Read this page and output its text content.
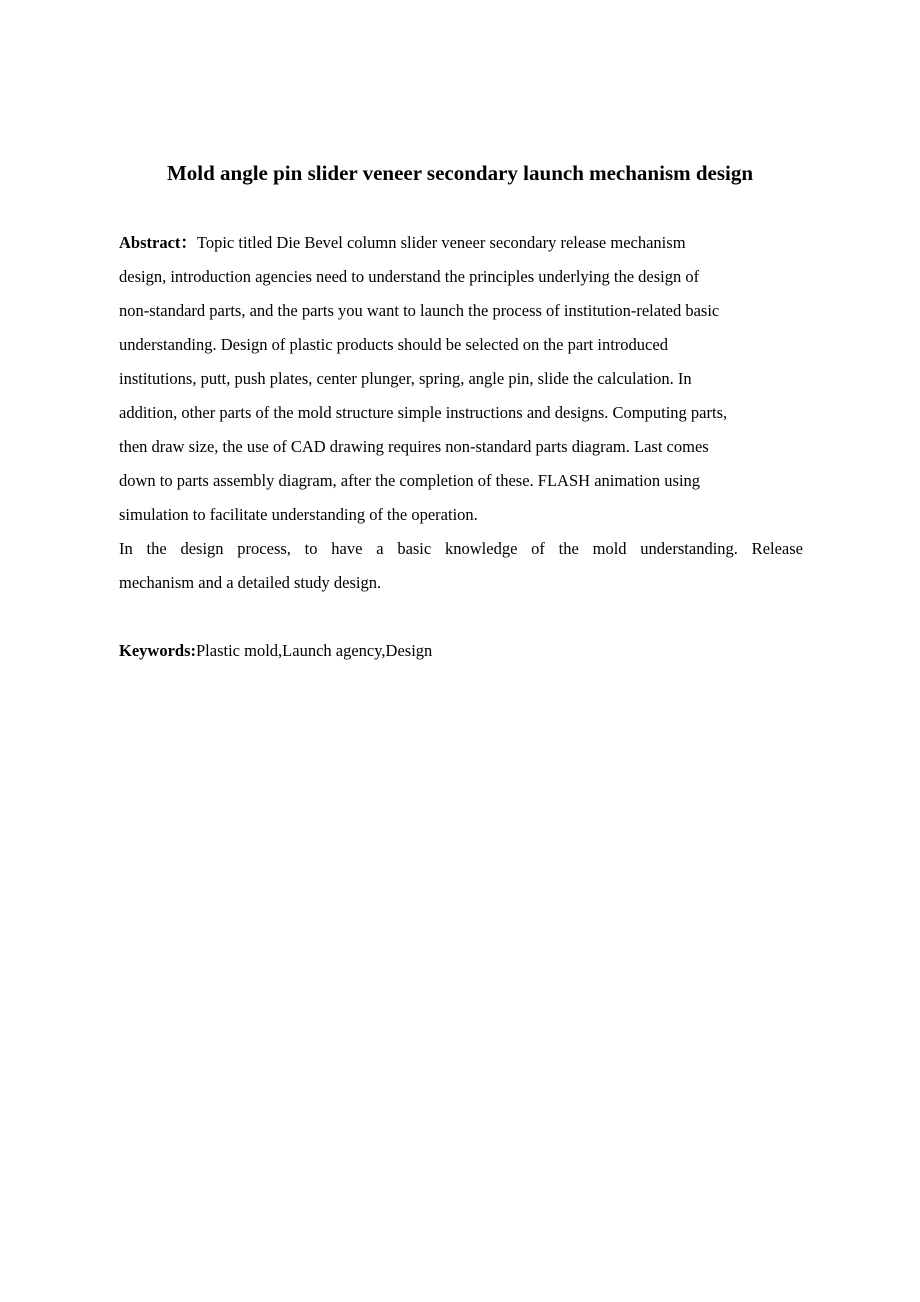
Mold angle pin slider veneer secondary launch mechanism design
Abstract：Topic titled Die Bevel column slider veneer secondary release mechanism
design, introduction agencies need to understand the principles underlying the design of
non-standard parts, and the parts you want to launch the process of institution-related basic
understanding. Design of plastic products should be selected on the part introduced
institutions, putt, push plates, center plunger, spring, angle pin, slide the calculation. In
addition, other parts of the mold structure simple instructions and designs. Computing parts,
then draw size, the use of CAD drawing requires non-standard parts diagram. Last comes
down to parts assembly diagram, after the completion of these. FLASH animation using
simulation to facilitate understanding of the operation.
In the design process, to have a basic knowledge of the mold understanding. Release
mechanism and a detailed study design.

Keywords:Plastic mold,Launch agency,Design
